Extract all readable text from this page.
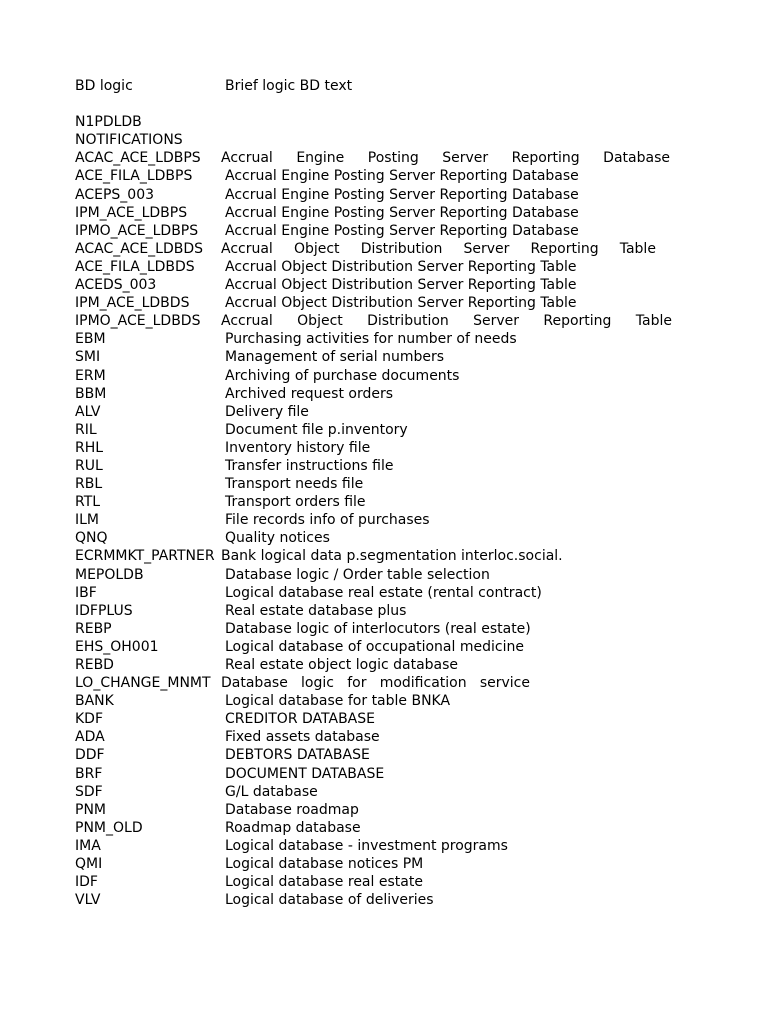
BD logic	Brief logic BD text
N1PDLDB
NOTIFICATIONS
ACAC_ACE_LDBPS Accrual Engine Posting Server Reporting Database
ACE_FILA_LDBPS Accrual Engine Posting Server Reporting Database
ACEPS_003	Accrual Engine Posting Server Reporting Database
IPM_ACE_LDBPS	Accrual Engine Posting Server Reporting Database
IPMO_ACE_LDBPS Accrual Engine Posting Server Reporting Database
ACAC_ACE_LDBDS Accrual Object Distribution Server Reporting Table
ACE_FILA_LDBDS Accrual Object Distribution Server Reporting Table
ACEDS_003	Accrual Object Distribution Server Reporting Table
IPM_ACE_LDBDS	Accrual Object Distribution Server Reporting Table
IPMO_ACE_LDBDS Accrual Object Distribution Server Reporting Table
EBM	Purchasing activities for number of needs
SMI	Management of serial numbers
ERM	Archiving of purchase documents
BBM	Archived request orders
ALV	Delivery file
RIL	Document file p.inventory
RHL	Inventory history file
RUL	Transfer instructions file
RBL	Transport needs file
RTL	Transport orders file
ILM	File records info of purchases
QNQ	Quality notices
ECRMMKT_PARTNER Bank logical data p.segmentation interloc.social.
MEPOLDB	Database logic / Order table selection
IBF	Logical database real estate (rental contract)
IDFPLUS	Real estate database plus
REBP	Database logic of interlocutors (real estate)
EHS_OH001	Logical database of occupational medicine
REBD	Real estate object logic database
LO_CHANGE_MNMT Database logic for modification service
BANK	Logical database for table BNKA
KDF	CREDITOR DATABASE
ADA	Fixed assets database
DDF	DEBTORS DATABASE
BRF	DOCUMENT DATABASE
SDF	G/L database
PNM	Database roadmap
PNM_OLD	Roadmap database
IMA	Logical database - investment programs
QMI	Logical database notices PM
IDF	Logical database real estate
VLV	Logical database of deliveries
